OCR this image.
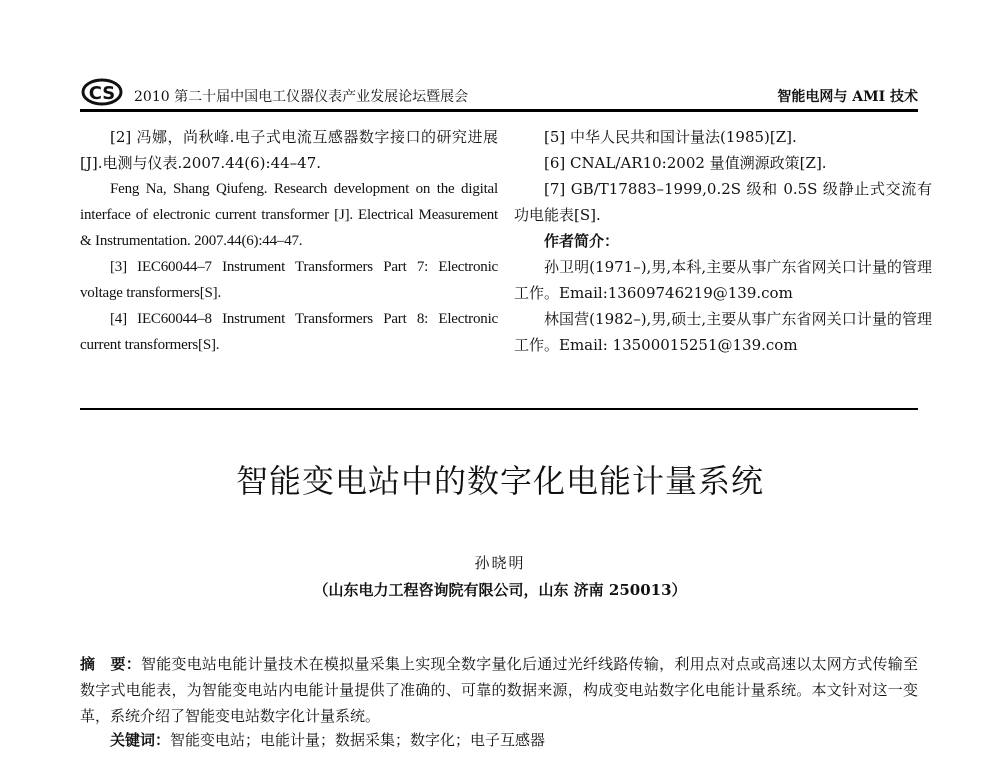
CS 2010 第二十届中国电工仪器仪表产业发展论坛暨展会	智能电网与 AMI 技术

[2] 冯娜，尚秋峰.电子式电流互感器数字接口的研究进展[J].电测与仪表.2007.44(6):44–47.

Feng Na, Shang Qiufeng. Research development on the digital interface of electronic current transformer [J]. Electrical Measurement & Instrumentation. 2007.44(6):44–47.

[3] IEC60044–7 Instrument Transformers Part 7: Electronic voltage transformers[S].

[4] IEC60044–8 Instrument Transformers Part 8: Electronic current transformers[S].

[5] 中华人民共和国计量法(1985)[Z].

[6] CNAL/AR10:2002 量值溯源政策[Z].

[7] GB/T17883–1999,0.2S 级和 0.5S 级静止式交流有功电能表[S].

作者简介：

孙卫明(1971–),男,本科,主要从事广东省网关口计量的管理工作。Email:13609746219@139.com

林国营(1982–),男,硕士,主要从事广东省网关口计量的管理工作。Email: 13500015251@139.com

智能变电站中的数字化电能计量系统
孙晓明
（山东电力工程咨询院有限公司，山东 济南 250013）

摘　要：智能变电站电能计量技术在模拟量采集上实现全数字量化后通过光纤线路传输，利用点对点或高速以太网方式传输至数字式电能表，为智能变电站内电能计量提供了准确的、可靠的数据来源，构成变电站数字化电能计量系统。本文针对这一变革，系统介绍了智能变电站数字化计量系统。

关键词：智能变电站；电能计量；数据采集；数字化；电子互感器
